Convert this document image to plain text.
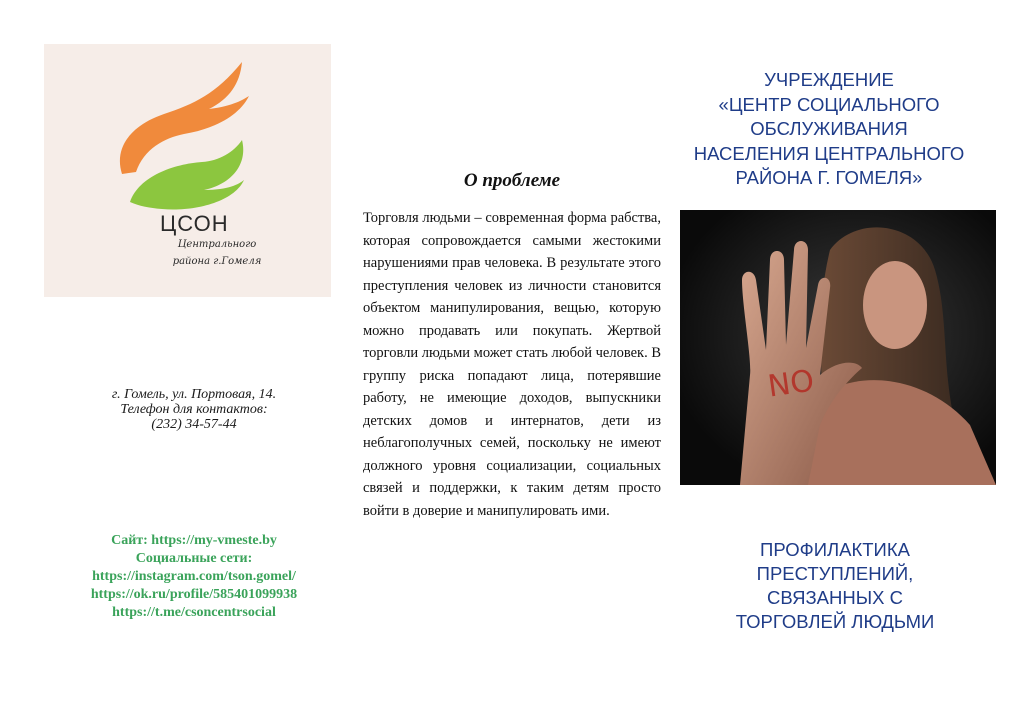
ЦСОН
Центрального
района г.Гомеля
г. Гомель, ул. Портовая, 14.
Телефон для контактов:
(232) 34-57-44
Сайт: https://my-vmeste.by
Социальные сети:
https://instagram.com/tson.gomel/
https://ok.ru/profile/585401099938
https://t.me/csoncentrsocial
О проблеме
Торговля людьми – современная форма рабства, которая сопровождается самыми жестокими нарушениями прав человека. В результате этого преступления человек из личности становится объектом манипулирования, вещью, которую можно продавать или покупать. Жертвой торговли людьми может стать любой человек. В группу риска попадают лица, потерявшие работу, не имеющие доходов, выпускники детских домов и интернатов, дети из неблагополучных семей, поскольку не имеют должного уровня социализации, социальных связей и поддержки, к таким детям просто войти в доверие и манипулировать ими.
УЧРЕЖДЕНИЕ
«ЦЕНТР СОЦИАЛЬНОГО
ОБСЛУЖИВАНИЯ
НАСЕЛЕНИЯ ЦЕНТРАЛЬНОГО
РАЙОНА Г. ГОМЕЛЯ»
NO
ПРОФИЛАКТИКА
ПРЕСТУПЛЕНИЙ,
СВЯЗАННЫХ С
ТОРГОВЛЕЙ ЛЮДЬМИ
